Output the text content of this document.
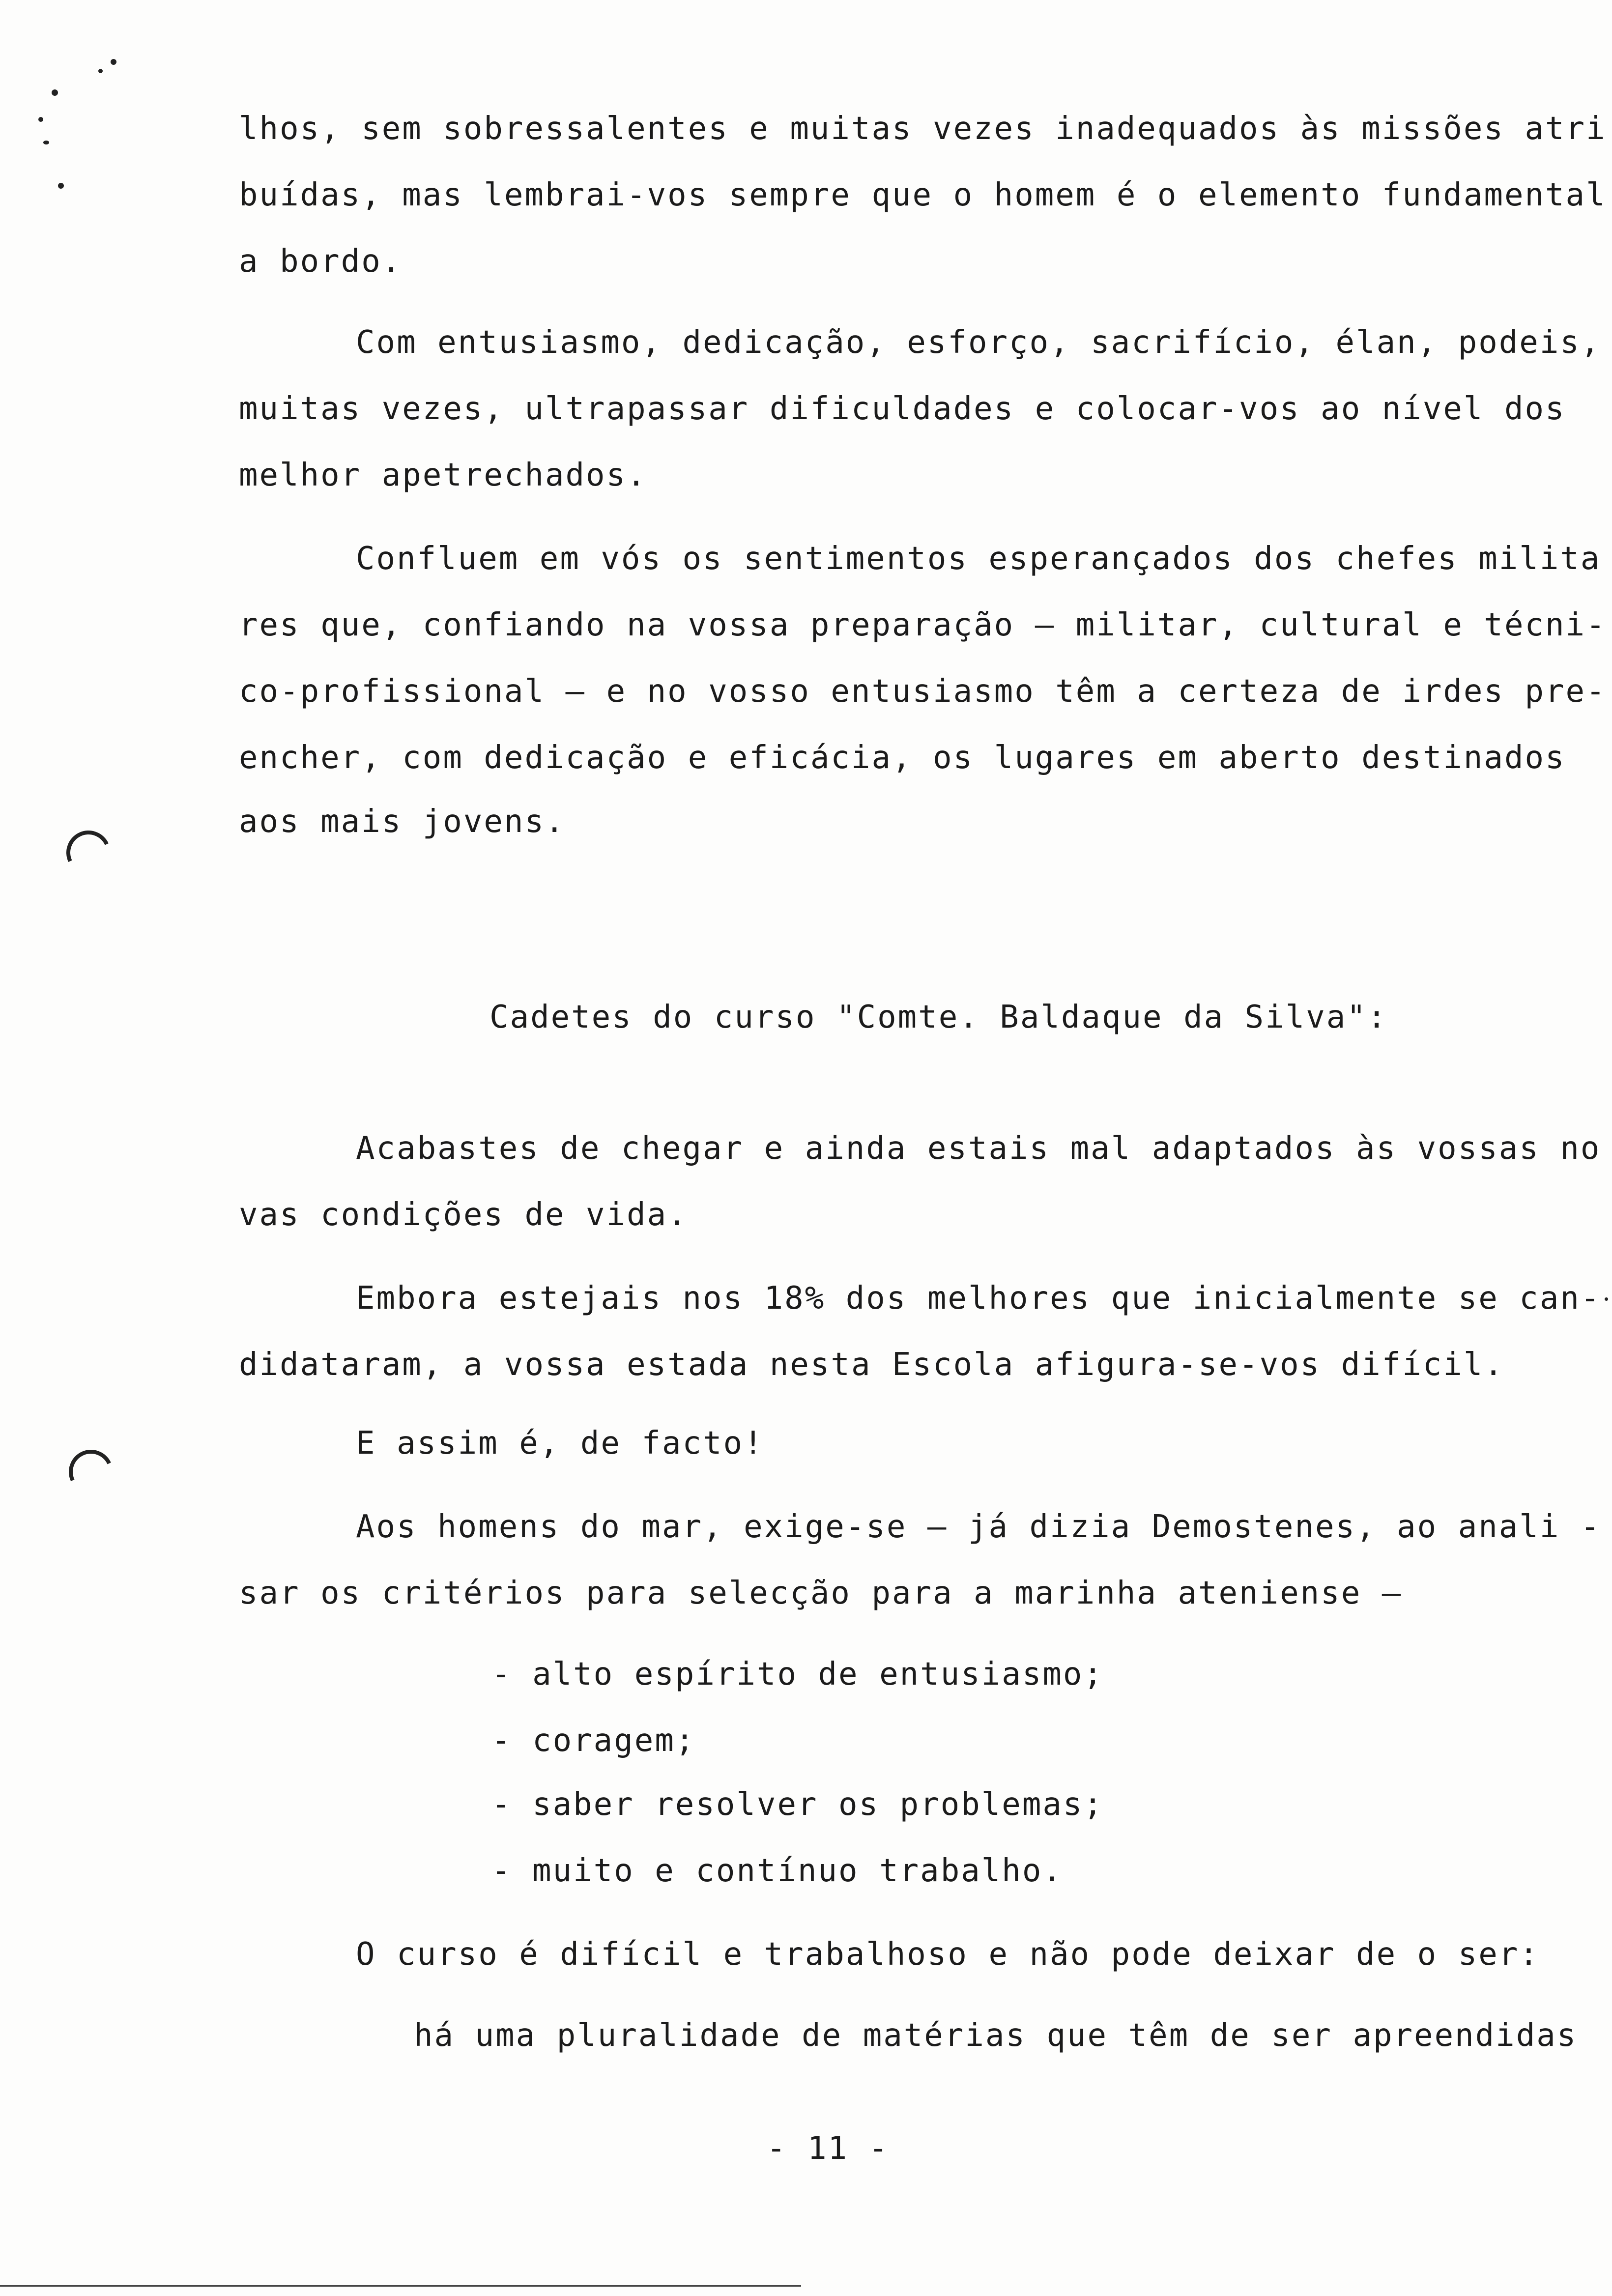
lhos, sem sobressalentes e muitas vezes inadequados às missões atri
buídas, mas lembrai-vos sempre que o homem é o elemento fundamental
a bordo.
Com entusiasmo, dedicação, esforço, sacrifício, élan, podeis,
muitas vezes, ultrapassar dificuldades e colocar-vos ao nível dos
melhor apetrechados.
Confluem em vós os sentimentos esperançados dos chefes milita
res que, confiando na vossa preparação — militar, cultural e técni-
co-profissional — e no vosso entusiasmo têm a certeza de irdes pre-
encher, com dedicação e eficácia, os lugares em aberto destinados
aos mais jovens.
Cadetes do curso "Comte. Baldaque da Silva":
Acabastes de chegar e ainda estais mal adaptados às vossas no
vas condições de vida.
Embora estejais nos 18% dos melhores que inicialmente se can-
didataram, a vossa estada nesta Escola afigura-se-vos difícil.
E assim é, de facto!
Aos homens do mar, exige-se — já dizia Demostenes, ao anali -
sar os critérios para selecção para a marinha ateniense —
- alto espírito de entusiasmo;
- coragem;
- saber resolver os problemas;
- muito e contínuo trabalho.
O curso é difícil e trabalhoso e não pode deixar de o ser:
há uma pluralidade de matérias que têm de ser apreendidas
- 11 -
